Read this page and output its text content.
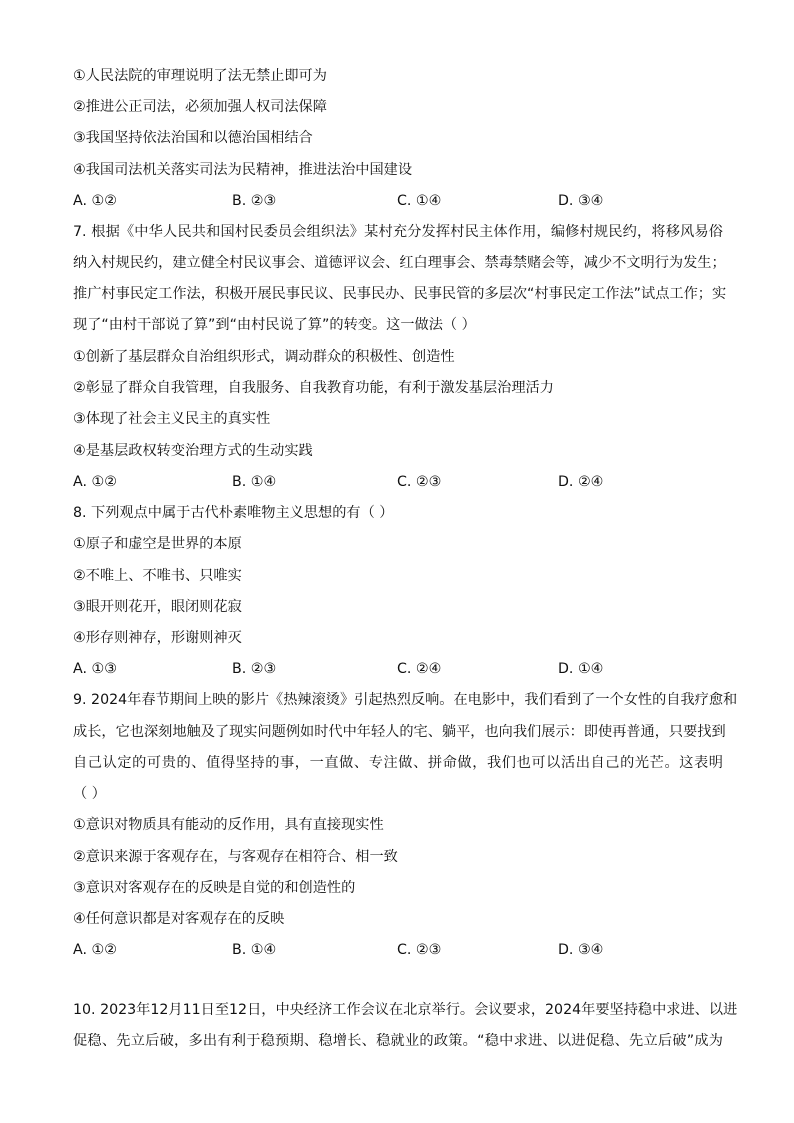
①人民法院的审理说明了法无禁止即可为
②推进公正司法，必须加强人权司法保障
③我国坚持依法治国和以德治国相结合
④我国司法机关落实司法为民精神，推进法治中国建设
A. ①②	B. ②③	C. ①④	D. ③④
7. 根据《中华人民共和国村民委员会组织法》某村充分发挥村民主体作用，编修村规民约，将移风易俗
纳入村规民约，建立健全村民议事会、道德评议会、红白理事会、禁毒禁赌会等，减少不文明行为发生；
推广村事民定工作法，积极开展民事民议、民事民办、民事民管的多层次“村事民定工作法”试点工作；实
现了“由村干部说了算”到“由村民说了算”的转变。这一做法（ ）
①创新了基层群众自治组织形式，调动群众的积极性、创造性
②彰显了群众自我管理，自我服务、自我教育功能，有利于激发基层治理活力
③体现了社会主义民主的真实性
④是基层政权转变治理方式的生动实践
A. ①②	B. ①④	C. ②③	D. ②④
8. 下列观点中属于古代朴素唯物主义思想的有（ ）
①原子和虚空是世界的本原
②不唯上、不唯书、只唯实
③眼开则花开，眼闭则花寂
④形存则神存，形谢则神灭
A. ①③	B. ②③	C. ②④	D. ①④
9. 2024年春节期间上映的影片《热辣滚烫》引起热烈反响。在电影中，我们看到了一个女性的自我疗愈和
成长，它也深刻地触及了现实问题例如时代中年轻人的宅、躺平，也向我们展示：即使再普通，只要找到
自己认定的可贵的、值得坚持的事，一直做、专注做、拼命做，我们也可以活出自己的光芒。这表明
（ ）
①意识对物质具有能动的反作用，具有直接现实性
②意识来源于客观存在，与客观存在相符合、相一致
③意识对客观存在的反映是自觉的和创造性的
④任何意识都是对客观存在的反映
A. ①②	B. ①④	C. ②③	D. ③④
10. 2023年12月11日至12日，中央经济工作会议在北京举行。会议要求，2024年要坚持稳中求进、以进
促稳、先立后破，多出有利于稳预期、稳增长、稳就业的政策。“稳中求进、以进促稳、先立后破”成为
